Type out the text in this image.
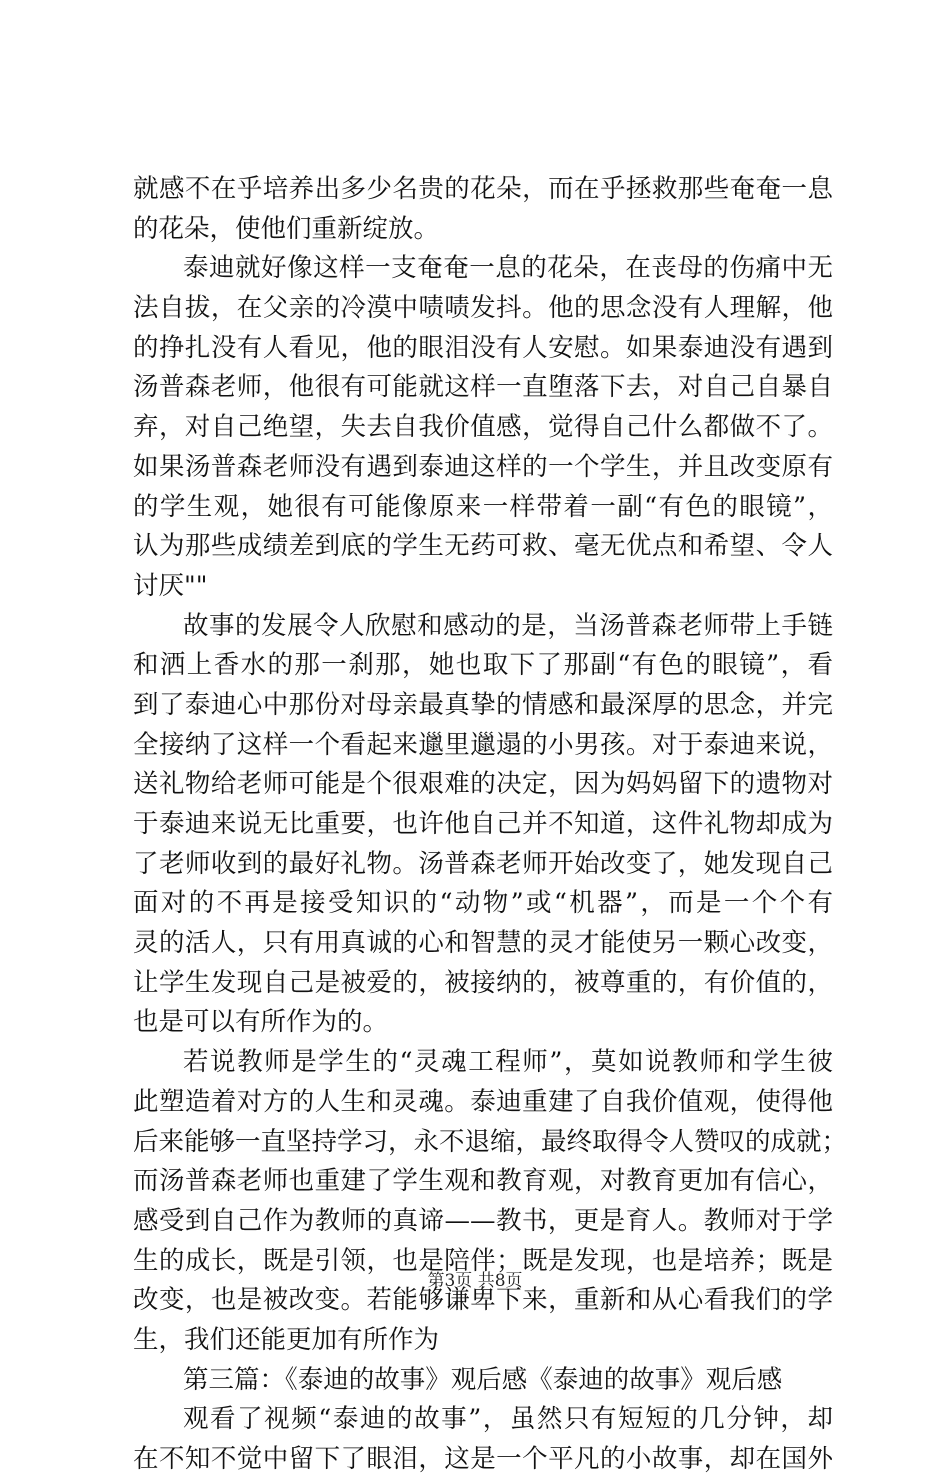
就感不在乎培养出多少名贵的花朵，而在乎拯救那些奄奄一息
的花朵，使他们重新绽放。
泰迪就好像这样一支奄奄一息的花朵，在丧母的伤痛中无
法自拔，在父亲的冷漠中啧啧发抖。他的思念没有人理解，他
的挣扎没有人看见，他的眼泪没有人安慰。如果泰迪没有遇到
汤普森老师，他很有可能就这样一直堕落下去，对自己自暴自
弃，对自己绝望，失去自我价值感，觉得自己什么都做不了。
如果汤普森老师没有遇到泰迪这样的一个学生，并且改变原有
的学生观，她很有可能像原来一样带着一副“有色的眼镜”，
认为那些成绩差到底的学生无药可救、毫无优点和希望、令人
讨厌""
故事的发展令人欣慰和感动的是，当汤普森老师带上手链
和洒上香水的那一刹那，她也取下了那副“有色的眼镜”，看
到了泰迪心中那份对母亲最真挚的情感和最深厚的思念，并完
全接纳了这样一个看起来邋里邋遢的小男孩。对于泰迪来说，
送礼物给老师可能是个很艰难的决定，因为妈妈留下的遗物对
于泰迪来说无比重要，也许他自己并不知道，这件礼物却成为
了老师收到的最好礼物。汤普森老师开始改变了，她发现自己
面对的不再是接受知识的“动物”或“机器”，而是一个个有
灵的活人，只有用真诚的心和智慧的灵才能使另一颗心改变，
让学生发现自己是被爱的，被接纳的，被尊重的，有价值的，
也是可以有所作为的。
若说教师是学生的“灵魂工程师”，莫如说教师和学生彼
此塑造着对方的人生和灵魂。泰迪重建了自我价值观，使得他
后来能够一直坚持学习，永不退缩，最终取得令人赞叹的成就；
而汤普森老师也重建了学生观和教育观，对教育更加有信心，
感受到自己作为教师的真谛——教书，更是育人。教师对于学
生的成长，既是引领，也是陪伴；既是发现，也是培养；既是
改变，也是被改变。若能够谦卑下来，重新和从心看我们的学
生，我们还能更加有所作为
第三篇：《泰迪的故事》观后感《泰迪的故事》观后感
观看了视频“泰迪的故事”，虽然只有短短的几分钟，却
在不知不觉中留下了眼泪，这是一个平凡的小故事，却在国外
第3页 共8页
